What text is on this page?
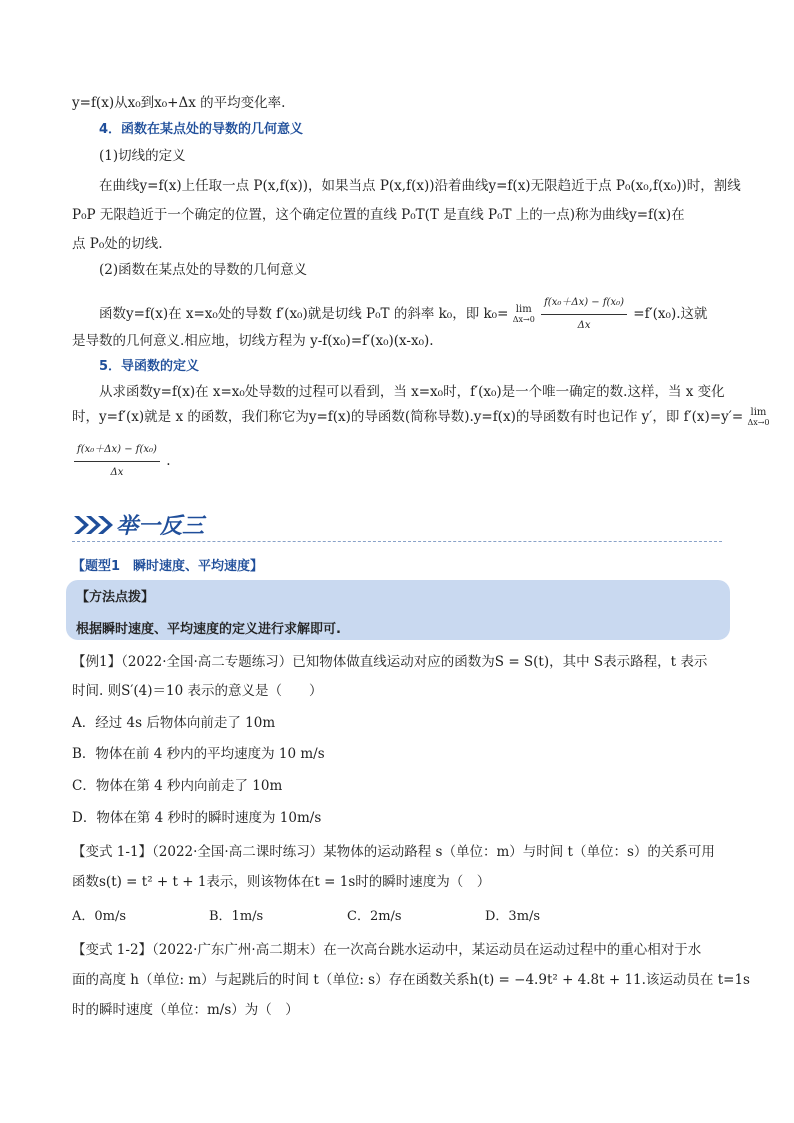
y=f(x)从x₀到x₀+Δx 的平均变化率.
4．函数在某点处的导数的几何意义
(1)切线的定义
在曲线y=f(x)上任取一点 P(x,f(x))，如果当点 P(x,f(x))沿着曲线y=f(x)无限趋近于点 P₀(x₀,f(x₀))时，割线
P₀P 无限趋近于一个确定的位置，这个确定位置的直线 P₀T(T 是直线 P₀T 上的一点)称为曲线y=f(x)在
点 P₀处的切线.
(2)函数在某点处的导数的几何意义
函数y=f(x)在 x=x₀处的导数 f′(x₀)就是切线 P₀T 的斜率 k₀，即 k₀= lim
Δx→0
$\frac{\text{f(x₀＋Δx) − f(x₀)}}{\Delta x} =f'(x_0)$.这就
是导数的几何意义.相应地，切线方程为 y-f(x₀)=f′(x₀)(x-x₀).
5．导函数的定义
从求函数y=f(x)在 x=x₀处导数的过程可以看到，当 x=x₀时，f′(x₀)是一个唯一确定的数.这样，当 x 变化
时，y=f′(x)就是 x 的函数，我们称它为y=f(x)的导函数(简称导数).y=f(x)的导函数有时也记作 y′，即 f′(x)=y′= lim
Δx→0
$\frac{\text{f(x₀＋Δx) − f(x₀)}}{\Delta x}$ .
举一反三
【题型1　瞬时速度、平均速度】
【方法点拨】
根据瞬时速度、平均速度的定义进行求解即可.
【例1】（2022·全国·高二专题练习）已知物体做直线运动对应的函数为S = S(t)，其中 S表示路程，t 表示
时间. 则S′(4)＝10 表示的意义是（　　）
A．经过 4s 后物体向前走了 10m
B．物体在前 4 秒内的平均速度为 10 m/s
C．物体在第 4 秒内向前走了 10m
D．物体在第 4 秒时的瞬时速度为 10m/s
【变式 1-1】（2022·全国·高二课时练习）某物体的运动路程 s（单位：m）与时间 t（单位：s）的关系可用
函数s(t) = t² + t + 1表示，则该物体在t = 1s时的瞬时速度为（　）
A．0m/s	B．1m/s	C．2m/s	D．3m/s
【变式 1-2】（2022·广东广州·高二期末）在一次高台跳水运动中，某运动员在运动过程中的重心相对于水
面的高度 h（单位: m）与起跳后的时间 t（单位: s）存在函数关系h(t) = −4.9t² + 4.8t + 11.该运动员在 t=1s
时的瞬时速度（单位：m/s）为（　）
